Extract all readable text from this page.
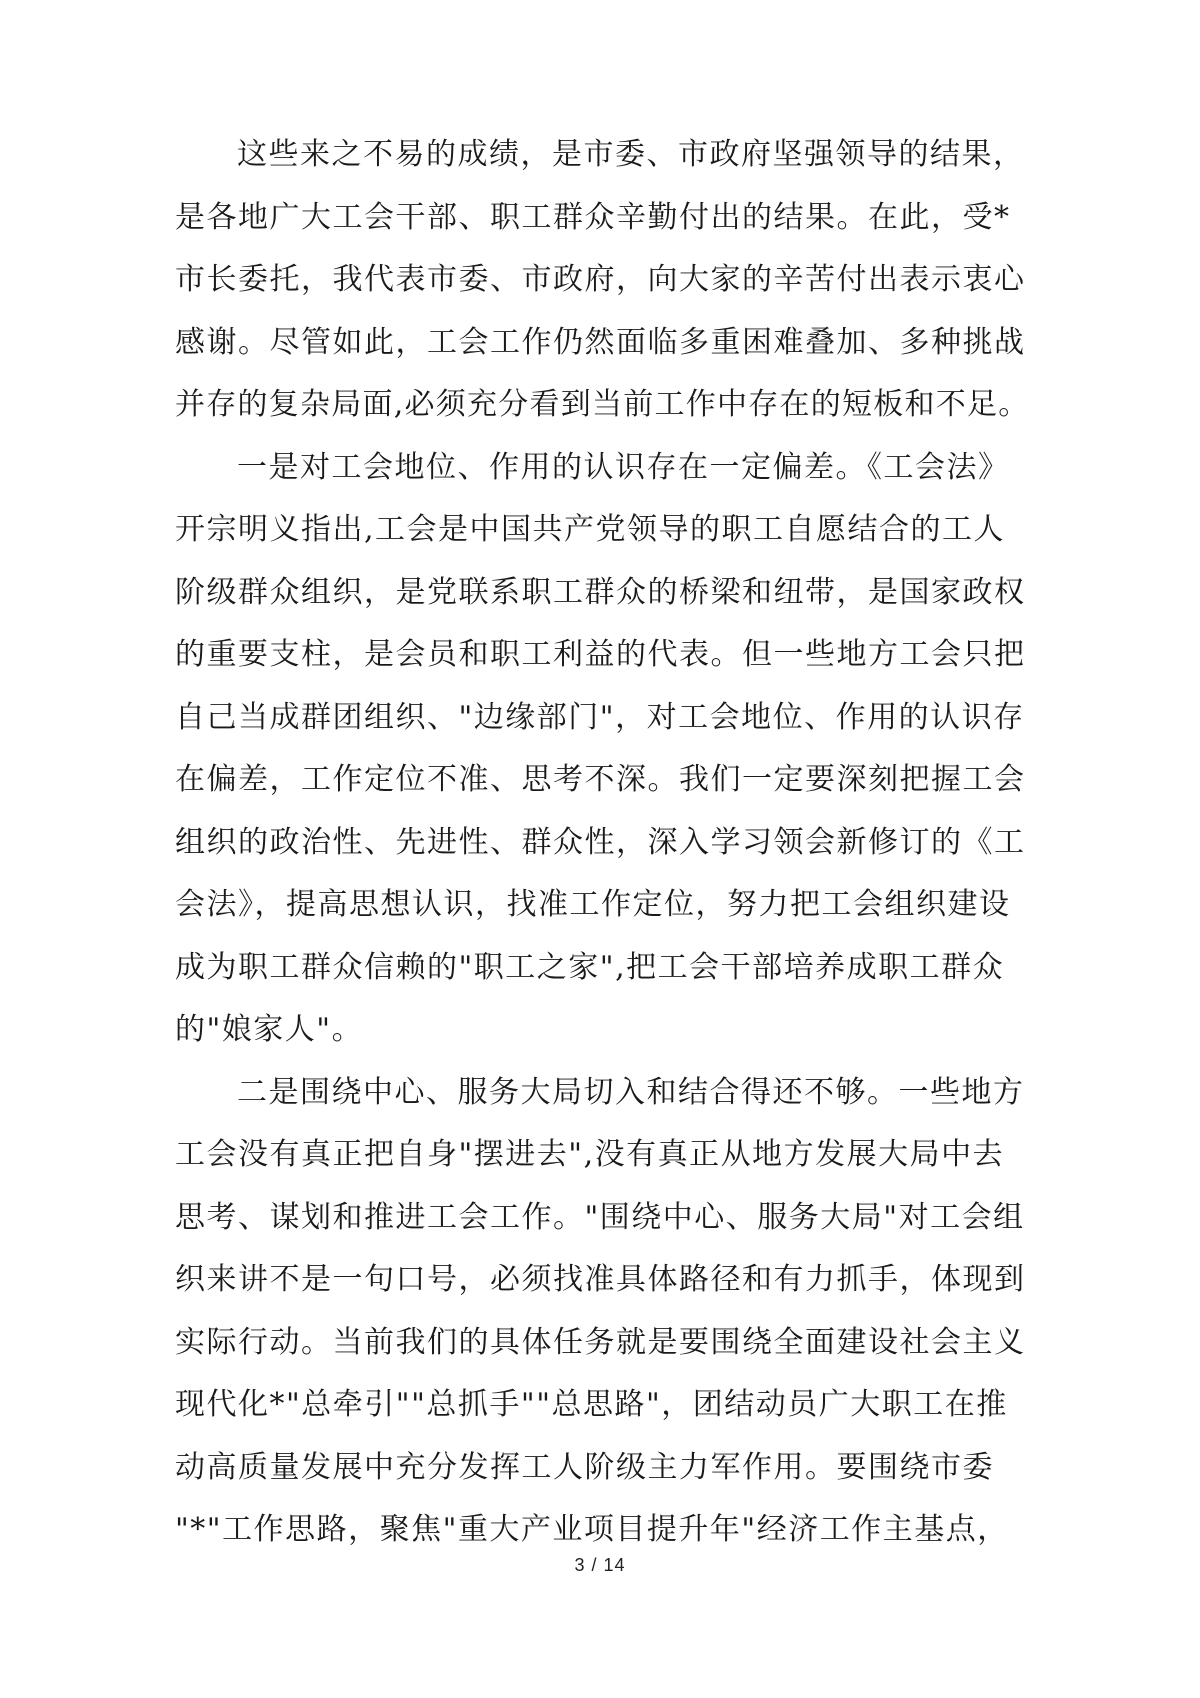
这些来之不易的成绩，是市委、市政府坚强领导的结果，
是各地广大工会干部、职工群众辛勤付出的结果。在此，受*
市长委托，我代表市委、市政府，向大家的辛苦付出表示衷心
感谢。尽管如此，工会工作仍然面临多重困难叠加、多种挑战
并存的复杂局面,必须充分看到当前工作中存在的短板和不足。

一是对工会地位、作用的认识存在一定偏差。《工会法》
开宗明义指出,工会是中国共产党领导的职工自愿结合的工人
阶级群众组织，是党联系职工群众的桥梁和纽带，是国家政权
的重要支柱，是会员和职工利益的代表。但一些地方工会只把
自己当成群团组织、"边缘部门"，对工会地位、作用的认识存
在偏差，工作定位不准、思考不深。我们一定要深刻把握工会
组织的政治性、先进性、群众性，深入学习领会新修订的《工
会法》，提高思想认识，找准工作定位，努力把工会组织建设
成为职工群众信赖的"职工之家",把工会干部培养成职工群众
的"娘家人"。

二是围绕中心、服务大局切入和结合得还不够。一些地方
工会没有真正把自身"摆进去",没有真正从地方发展大局中去
思考、谋划和推进工会工作。"围绕中心、服务大局"对工会组
织来讲不是一句口号，必须找准具体路径和有力抓手，体现到
实际行动。当前我们的具体任务就是要围绕全面建设社会主义
现代化*"总牵引""总抓手""总思路"，团结动员广大职工在推
动高质量发展中充分发挥工人阶级主力军作用。要围绕市委
"*"工作思路，聚焦"重大产业项目提升年"经济工作主基点，

3 / 14
